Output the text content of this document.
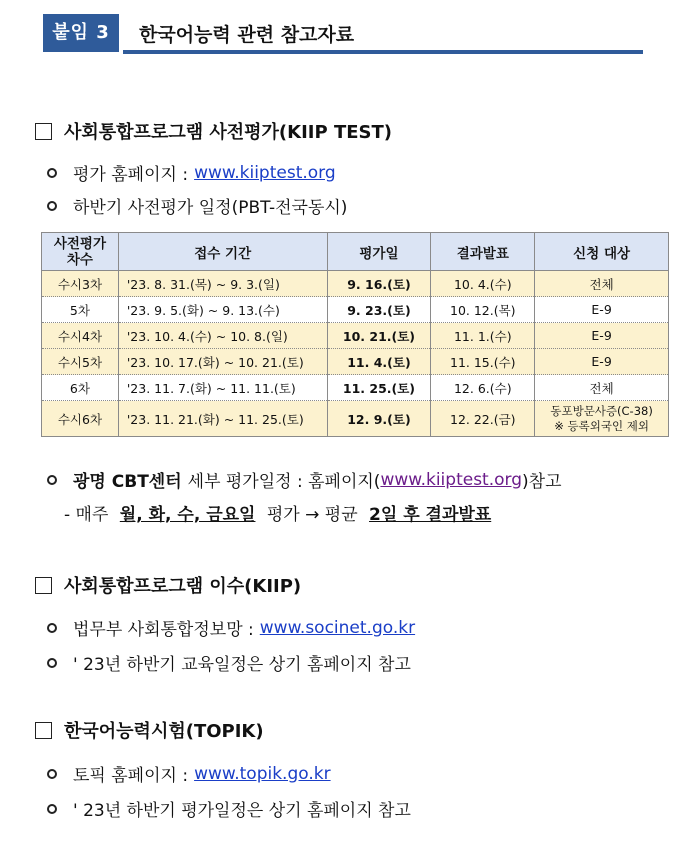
붙임 3	한국어능력 관련 참고자료
사회통합프로그램 사전평가(KIIP TEST)
평가 홈페이지 : www.kiiptest.org
하반기 사전평가 일정(PBT-전국동시)
사전평가
차수	접수 기간	평가일	결과발표	신청 대상
수시3차	'23. 8. 31.(목) ~ 9. 3.(일)	9. 16.(토)	10. 4.(수)	전체
5차	'23. 9. 5.(화) ~ 9. 13.(수)	9. 23.(토)	10. 12.(목)	E-9
수시4차	'23. 10. 4.(수) ~ 10. 8.(일)	10. 21.(토)	11. 1.(수)	E-9
수시5차	'23. 10. 17.(화) ~ 10. 21.(토)	11. 4.(토)	11. 15.(수)	E-9
6차	'23. 11. 7.(화) ~ 11. 11.(토)	11. 25.(토)	12. 6.(수)	전체
수시6차	'23. 11. 21.(화) ~ 11. 25.(토)	12. 9.(토)	12. 22.(금)	동포방문사증(C-38)
※ 등록외국인 제외
광명 CBT센터 세부 평가일정 : 홈페이지( www.kiiptest.org )참고
- 매주 월, 화, 수, 금요일 평가 → 평균 2일 후 결과발표
사회통합프로그램 이수(KIIP)
법무부 사회통합정보망 : www.socinet.go.kr
' 23년 하반기 교육일정은 상기 홈페이지 참고
한국어능력시험(TOPIK)
토픽 홈페이지 : www.topik.go.kr
' 23년 하반기 평가일정은 상기 홈페이지 참고
